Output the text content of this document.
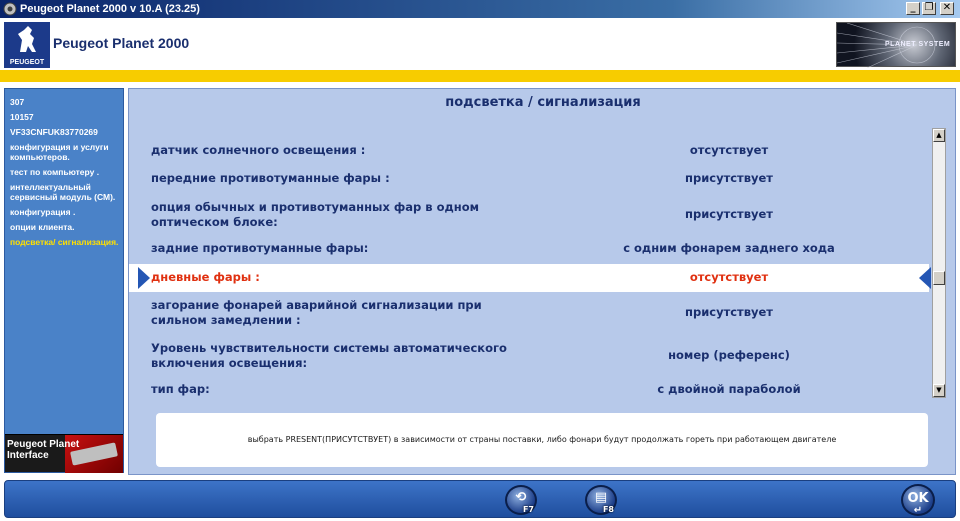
Peugeot Planet 2000 v 10.A (23.25)	_ ❐ ✕
PEUGEOT
Peugeot Planet 2000	PLANET SYSTEM
307
10157
VF33CNFUK83770269
конфигурация и услуги компьютеров.
тест по компьютеру .
интеллектуальный сервисный модуль (СМ).
конфигурация .
опции клиента.
подсветка/ сигнализация.
Peugeot Planet Interface
подсветка / сигнализация
датчик солнечного освещения :	отсутствует
передние противотуманные фары :	присутствует
опция обычных и противотуманных фар в одном оптическом блоке:
присутствует
задние противотуманные фары:	с одним фонарем заднего хода
дневные фары :	отсутствует
загорание фонарей аварийной сигнализации при сильном замедлении :
присутствует
Уровень чувствительности системы автоматического включения освещения:
номер (референс)
тип фар:	с двойной параболой
▲
▼
выбрать PRESENT(ПРИСУТСТВУЕТ) в зависимости от страны поставки, либо фонари будут продолжать гореть при работающем двигателе
⟲
F7
▤
F8
OK
↵
